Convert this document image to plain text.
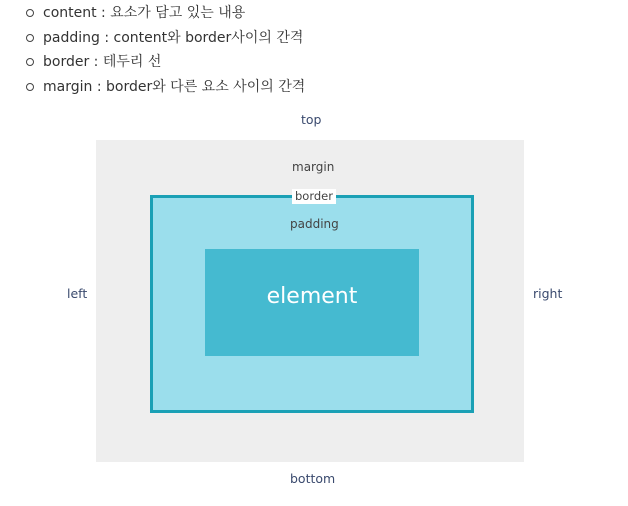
content : 요소가 담고 있는 내용
padding : content와 border사이의 간격
border : 테두리 선
margin : border와 다른 요소 사이의 간격
top
left	right
bottom
margin
border
padding
element
